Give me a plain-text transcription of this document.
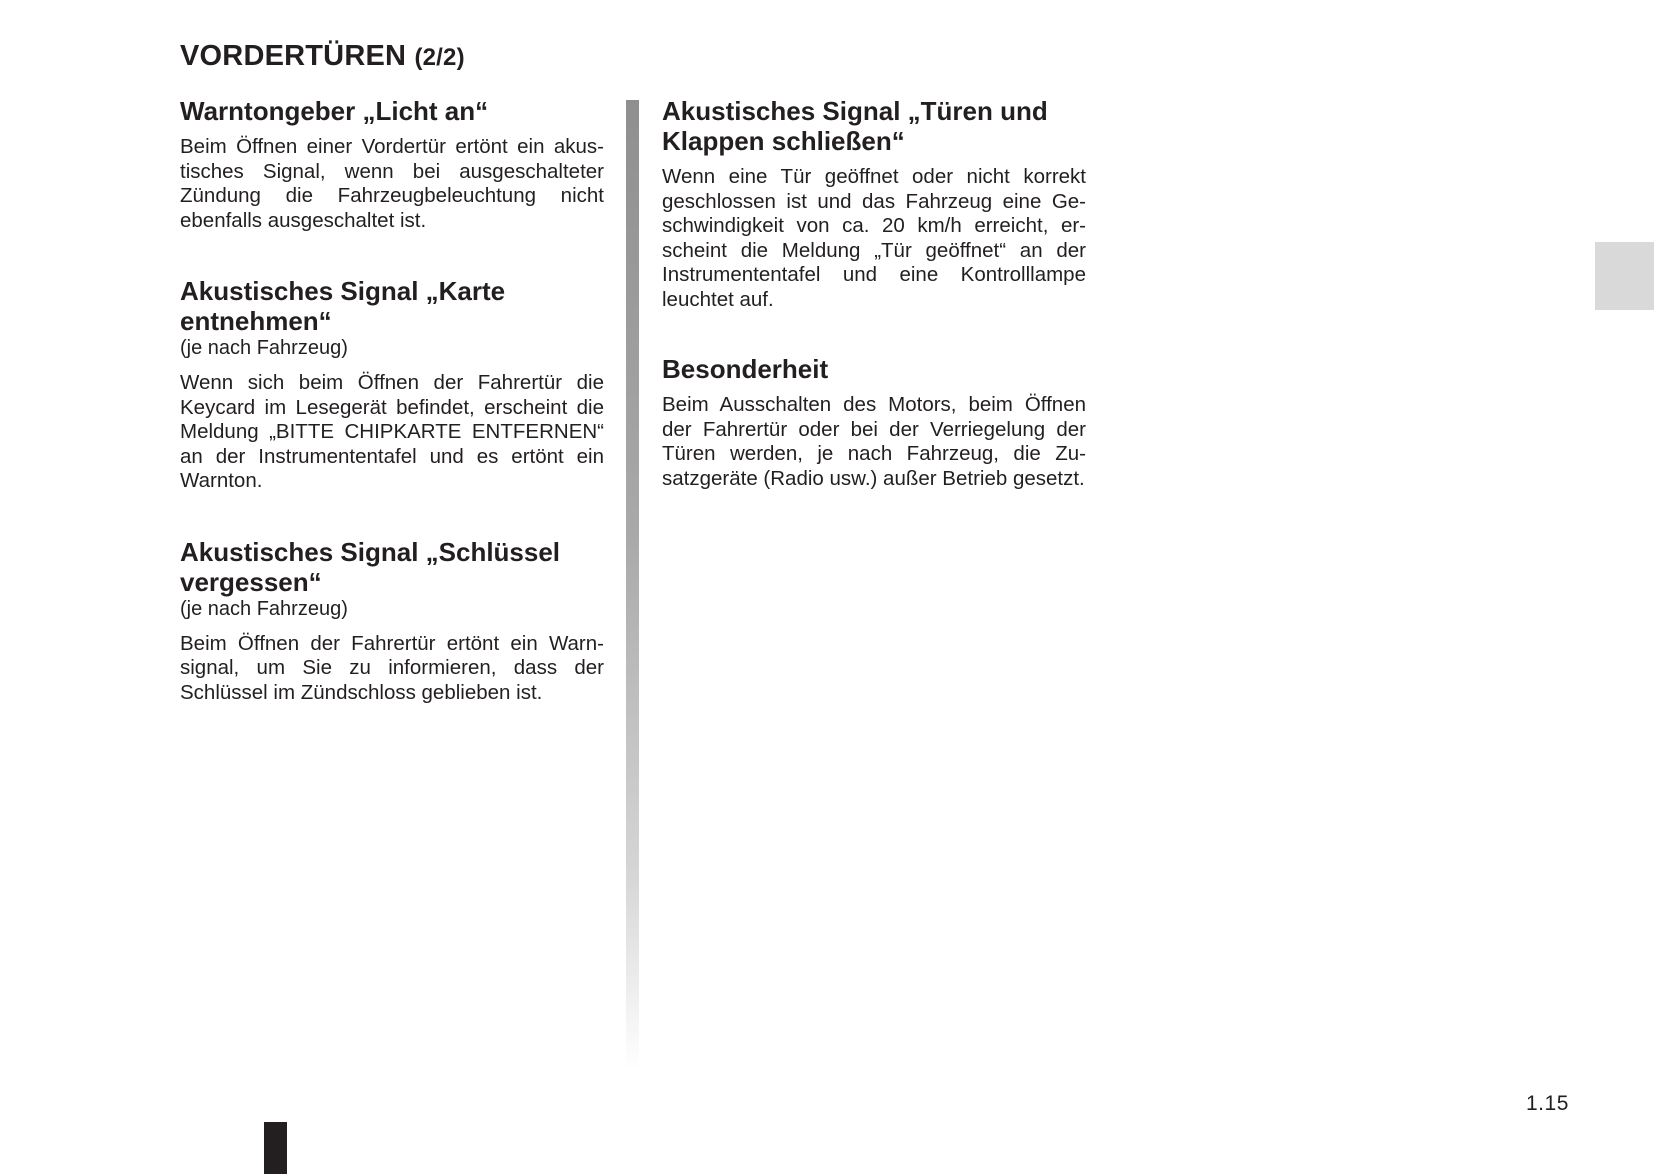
VORDERTÜREN (2/2)
Warntongeber „Licht an“

Beim Öffnen einer Vordertür ertönt ein akustisches Signal, wenn bei ausgeschalteter Zündung die Fahrzeugbeleuchtung nicht ebenfalls ausgeschaltet ist.

Akustisches Signal „Karte entnehmen“

(je nach Fahrzeug)

Wenn sich beim Öffnen der Fahrertür die Keycard im Lesegerät befindet, erscheint die Meldung „BITTE CHIPKARTE ENTFERNEN“ an der Instrumententafel und es ertönt ein Warnton.

Akustisches Signal „Schlüssel vergessen“

(je nach Fahrzeug)

Beim Öffnen der Fahrertür ertönt ein Warnsignal, um Sie zu informieren, dass der Schlüssel im Zündschloss geblieben ist.

Akustisches Signal „Türen und Klappen schließen“

Wenn eine Tür geöffnet oder nicht korrekt geschlossen ist und das Fahrzeug eine Geschwindigkeit von ca. 20 km/h erreicht, erscheint die Meldung „Tür geöffnet“ an der Instrumententafel und eine Kontrolllampe leuchtet auf.

Besonderheit

Beim Ausschalten des Motors, beim Öffnen der Fahrertür oder bei der Verriegelung der Türen werden, je nach Fahrzeug, die Zusatzgeräte (Radio usw.) außer Betrieb gesetzt.

1.15
